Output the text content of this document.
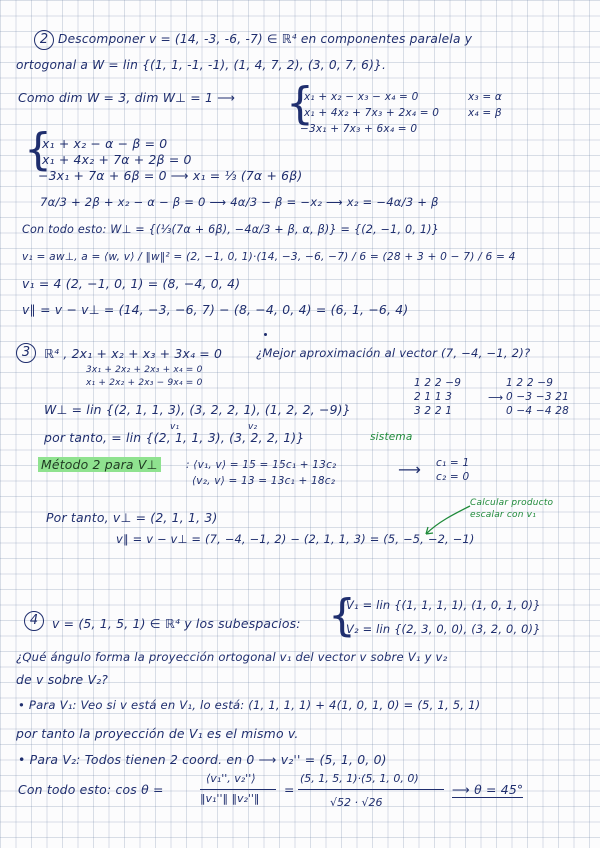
2 Descomponer v = (14, -3, -6, -7) ∈ ℝ⁴ en componentes paralela y
ortogonal a W = lin {(1, 1, -1, -1), (1, 4, 7, 2), (3, 0, 7, 6)}.
Como dim W = 3, dim W⊥ = 1 ⟶ {
x₁ + x₂ − x₃ − x₄ = 0
x₁ + 4x₂ + 7x₃ + 2x₄ = 0
−3x₁ + 7x₃ + 6x₄ = 0
x₃ = α
x₄ = β
{
x₁ + x₂ − α − β = 0
x₁ + 4x₂ + 7α + 2β = 0
−3x₁ + 7α + 6β = 0 ⟶ x₁ = ⅓ (7α + 6β)
7α/3 + 2β + x₂ − α − β = 0 ⟶ 4α/3 − β = −x₂ ⟶ x₂ = −4α/3 + β
Con todo esto: W⊥ = {(⅓(7α + 6β), −4α/3 + β, α, β)} = {(2, −1, 0, 1)}
v₁ = aw⊥, a = ⟨w, v⟩ / ‖w‖² = (2, −1, 0, 1)·(14, −3, −6, −7) / 6 = (28 + 3 + 0 − 7) / 6 = 4
v₁ = 4 (2, −1, 0, 1) = (8, −4, 0, 4)
v∥ = v − v⊥ = (14, −3, −6, 7) − (8, −4, 0, 4) = (6, 1, −6, 4)
3	ℝ⁴ , 2x₁ + x₂ + x₃ + 3x₄ = 0	¿Mejor aproximación al vector (7, −4, −1, 2)?
3x₁ + 2x₂ + 2x₃ + x₄ = 0
x₁ + 2x₂ + 2x₃ − 9x₄ = 0	1 2 2 −9
2 1 1 3
3 2 2 1
⟶
1 2 2 −9
0 −3 −3 21
0 −4 −4 28
W⊥ = lin {(2, 1, 1, 3), (3, 2, 2, 1), (1, 2, 2, −9)}
v₁	v₂
por tanto, = lin {(2, 1, 1, 3), (3, 2, 2, 1)}	sistema
Método 2 para V⊥	: ⟨v₁, v⟩ = 15 = 15c₁ + 13c₂
⟨v₂, v⟩ = 13 = 13c₁ + 18c₂
⟶ c₁ = 1
c₂ = 0
Calcular producto
escalar con v₁
Por tanto, v⊥ = (2, 1, 1, 3)
v∥ = v − v⊥ = (7, −4, −1, 2) − (2, 1, 1, 3) = (5, −5, −2, −1)
4	v = (5, 1, 5, 1) ∈ ℝ⁴ y los subespacios: {
V₁ = lin {(1, 1, 1, 1), (1, 0, 1, 0)}
V₂ = lin {(2, 3, 0, 0), (3, 2, 0, 0)}
¿Qué ángulo forma la proyección ortogonal v₁ del vector v sobre V₁ y v₂
de v sobre V₂?
• Para V₁: Veo si v está en V₁, lo está: (1, 1, 1, 1) + 4(1, 0, 1, 0) = (5, 1, 5, 1)
por tanto la proyección de V₁ es el mismo v.
• Para V₂: Todos tienen 2 coord. en 0 ⟶ v₂'' = (5, 1, 0, 0)
Con todo esto: cos θ =
⟨v₁'', v₂''⟩
‖v₁''‖ ‖v₂''‖
=
(5, 1, 5, 1)·(5, 1, 0, 0)
√52 · √26
⟶ θ = 45°
